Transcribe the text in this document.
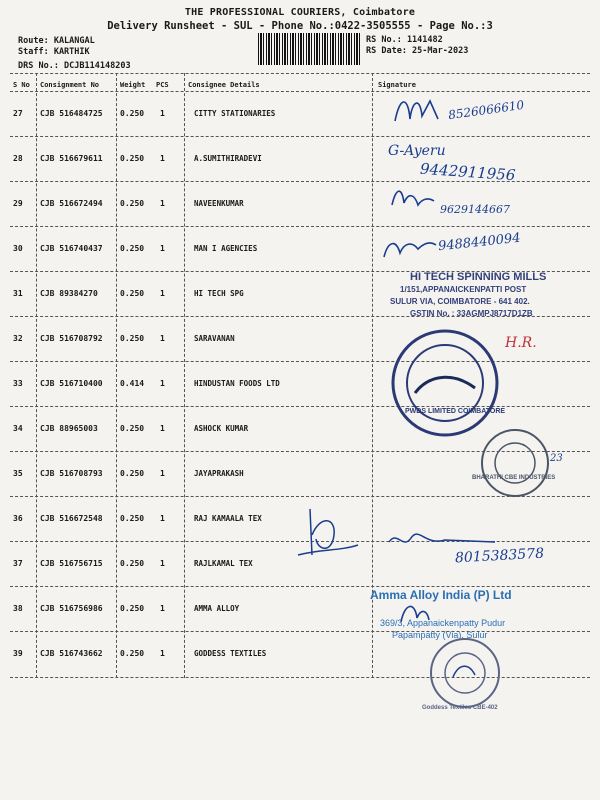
THE PROFESSIONAL COURIERS, Coimbatore
Delivery Runsheet - SUL - Phone No.:0422-3505555 - Page No.:3
Route: KALANGAL
Staff: KARTHIK
DRS No.: DCJB114148203
RS No.: 1141482
RS Date: 25-Mar-2023
S No Consignment No	Weight PCS	Consignee Details	Signature
27 CJB 516484725 0.250 1	CITTY STATIONARIES
28 CJB 516679611 0.250 1	A.SUMITHIRADEVI
29 CJB 516672494 0.250 1	NAVEENKUMAR
30 CJB 516740437 0.250 1	MAN I AGENCIES
31 CJB 89384270	0.250 1	HI TECH SPG
32 CJB 516708792 0.250 1	SARAVANAN
33 CJB 516710400 0.414 1	HINDUSTAN FOODS LTD
34 CJB 88965003	0.250 1	ASHOCK KUMAR
35 CJB 516708793 0.250 1	JAYAPRAKASH
36 CJB 516672548 0.250 1	RAJ KAMAALA TEX
37 CJB 516756715 0.250 1	RAJLKAMAL TEX
38 CJB 516756986 0.250 1	AMMA ALLOY
39 CJB 516743662 0.250 1	GODDESS TEXTILES
8526066610
G-Ayeru
9442911956
9629144667
9488440094
HI TECH SPINNING MILLS
1/151,APPANAICKENPATTI POST
SULUR VIA, COIMBATORE - 641 402.
GSTIN No. : 33AGMPJ8717D1ZB
H.R.
PWDS LIMITED COIMBATORE
BHARATHI CBE INDUSTRIES
23
8015383578
Amma Alloy India (P) Ltd
369/3, Appanaickenpatty Pudur
Papampatty (Via), Sulur
Goddess Textiles CBE-402
